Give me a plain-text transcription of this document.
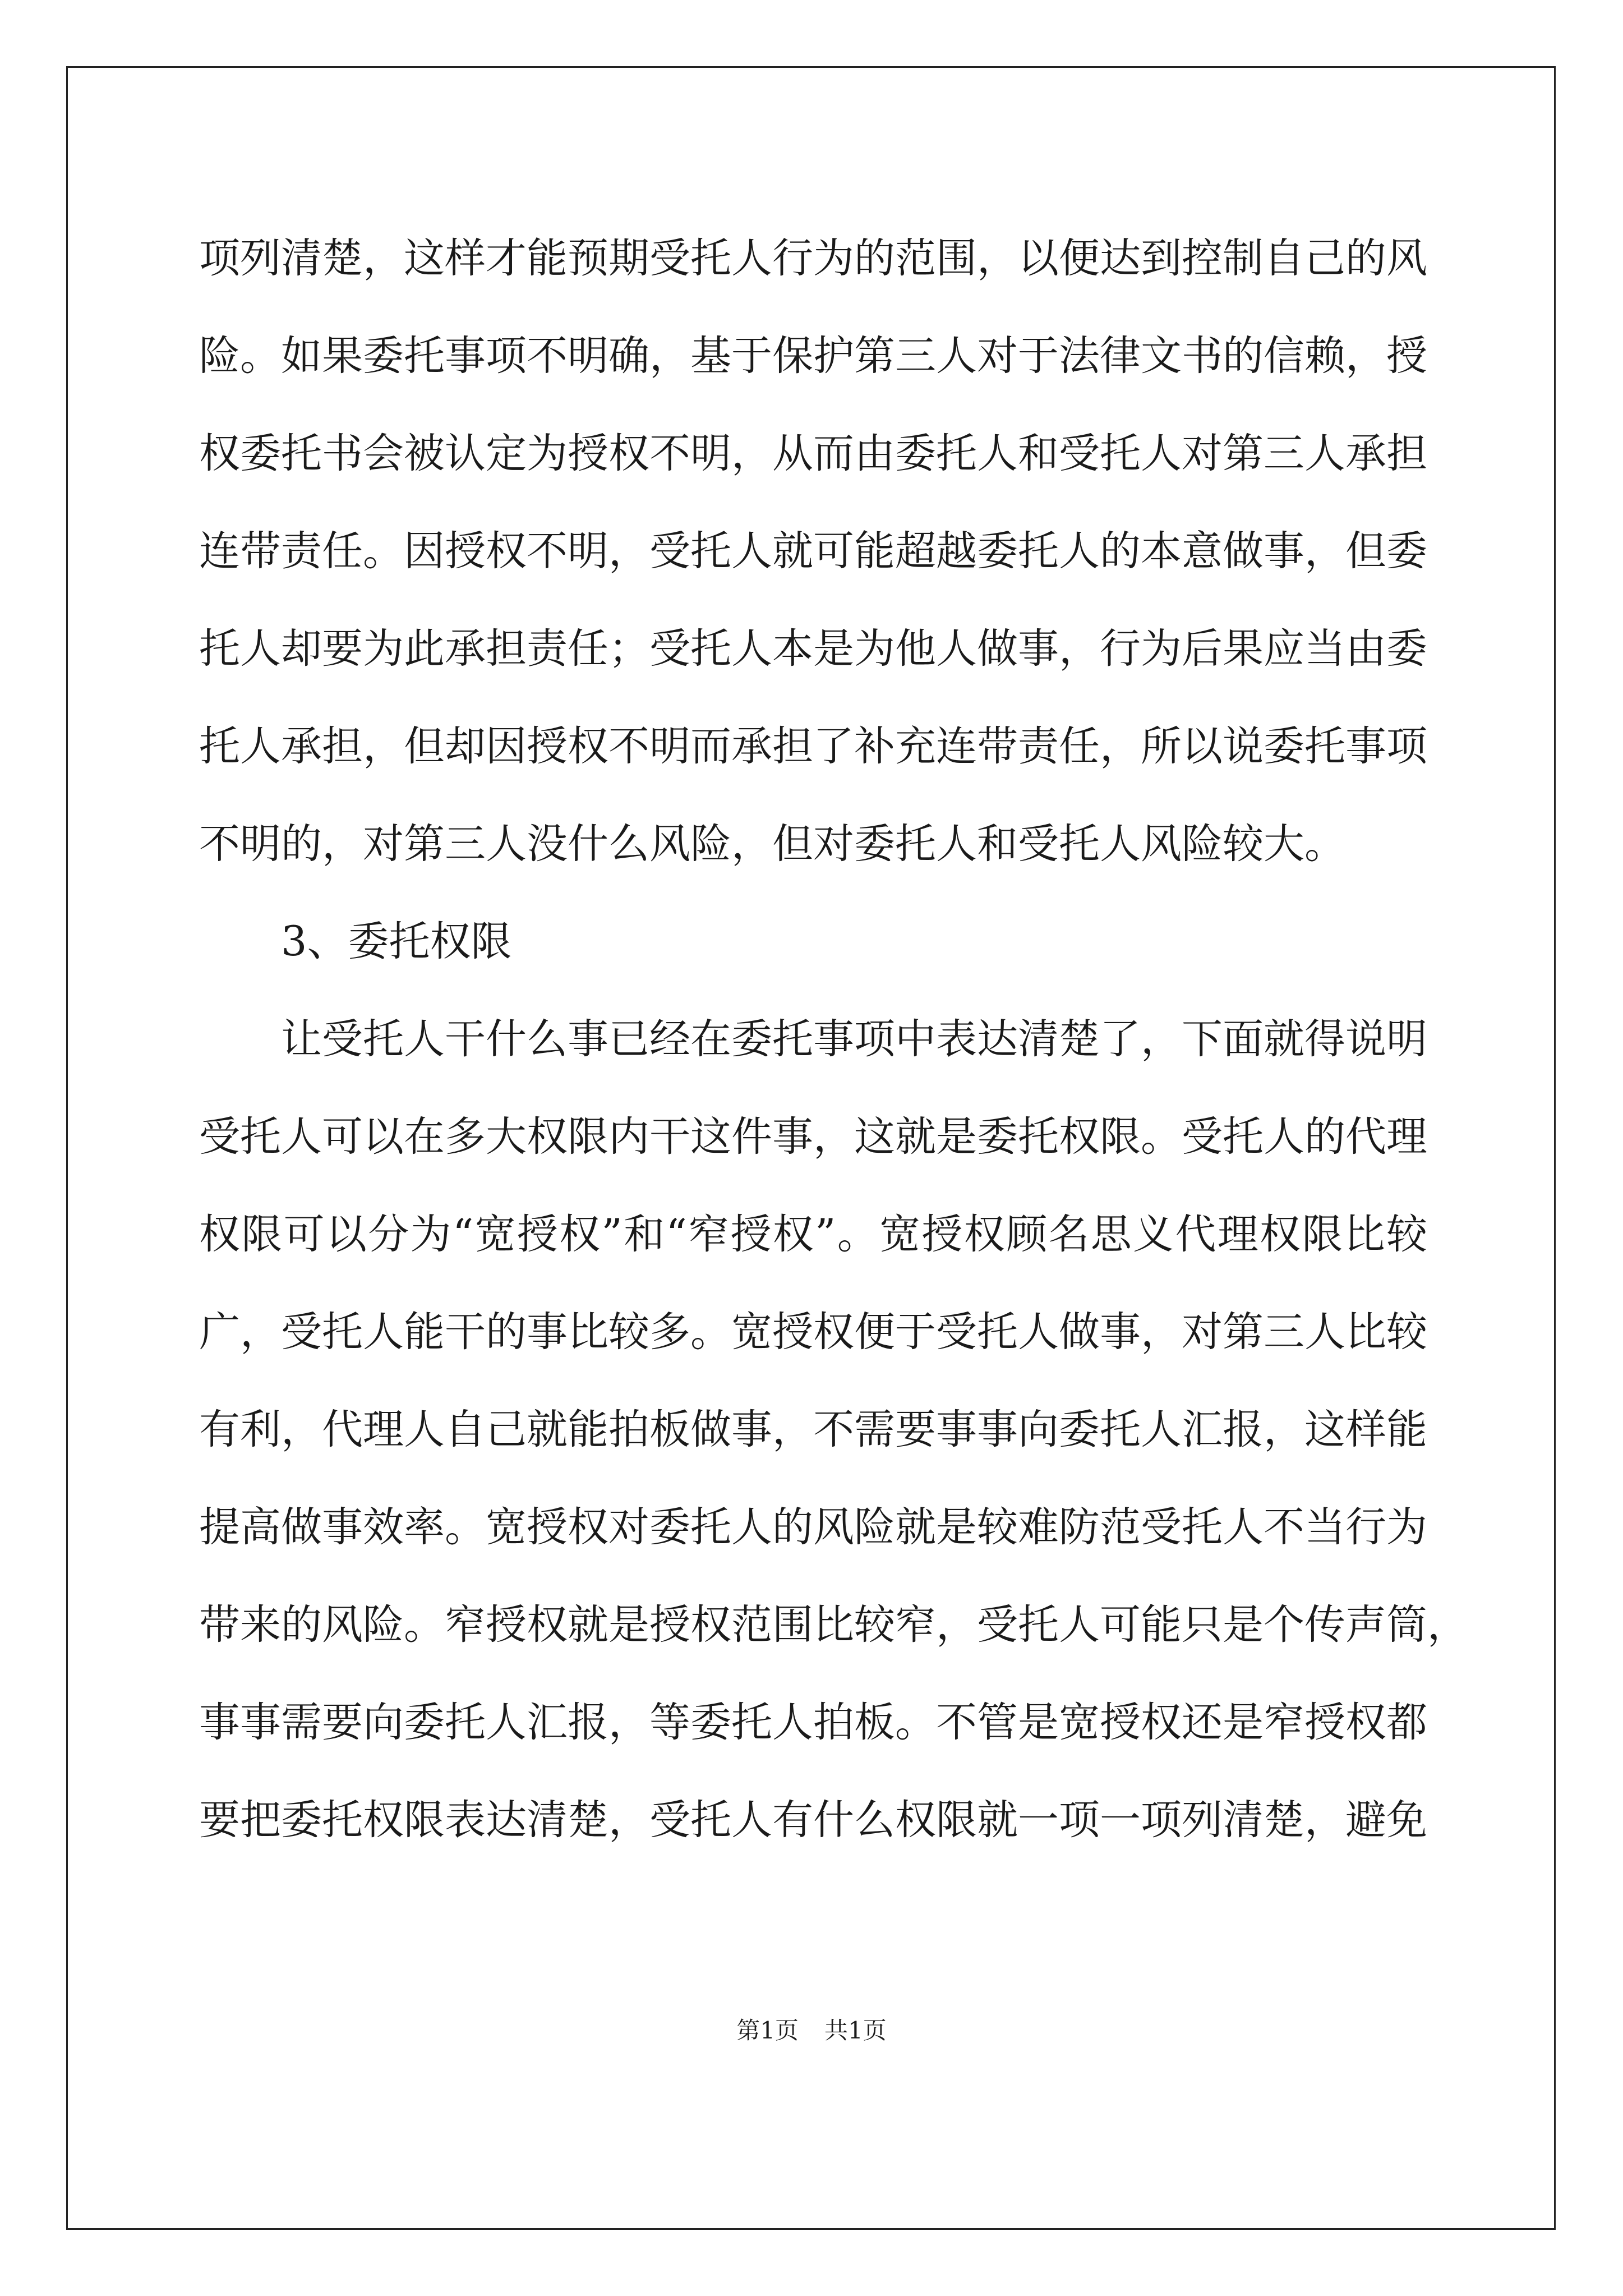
项列清楚，这样才能预期受托人行为的范围，以便达到控制自己的风
险。如果委托事项不明确，基于保护第三人对于法律文书的信赖，授
权委托书会被认定为授权不明，从而由委托人和受托人对第三人承担
连带责任。因授权不明，受托人就可能超越委托人的本意做事，但委
托人却要为此承担责任；受托人本是为他人做事，行为后果应当由委
托人承担，但却因授权不明而承担了补充连带责任，所以说委托事项
不明的，对第三人没什么风险，但对委托人和受托人风险较大。
3、委托权限
让受托人干什么事已经在委托事项中表达清楚了，下面就得说明
受托人可以在多大权限内干这件事，这就是委托权限。受托人的代理
权限可以分为“宽授权”和“窄授权”。宽授权顾名思义代理权限比较
广，受托人能干的事比较多。宽授权便于受托人做事，对第三人比较
有利，代理人自己就能拍板做事，不需要事事向委托人汇报，这样能
提高做事效率。宽授权对委托人的风险就是较难防范受托人不当行为
带来的风险。窄授权就是授权范围比较窄，受托人可能只是个传声筒，
事事需要向委托人汇报，等委托人拍板。不管是宽授权还是窄授权都
要把委托权限表达清楚，受托人有什么权限就一项一项列清楚，避免
第1页 共1页
